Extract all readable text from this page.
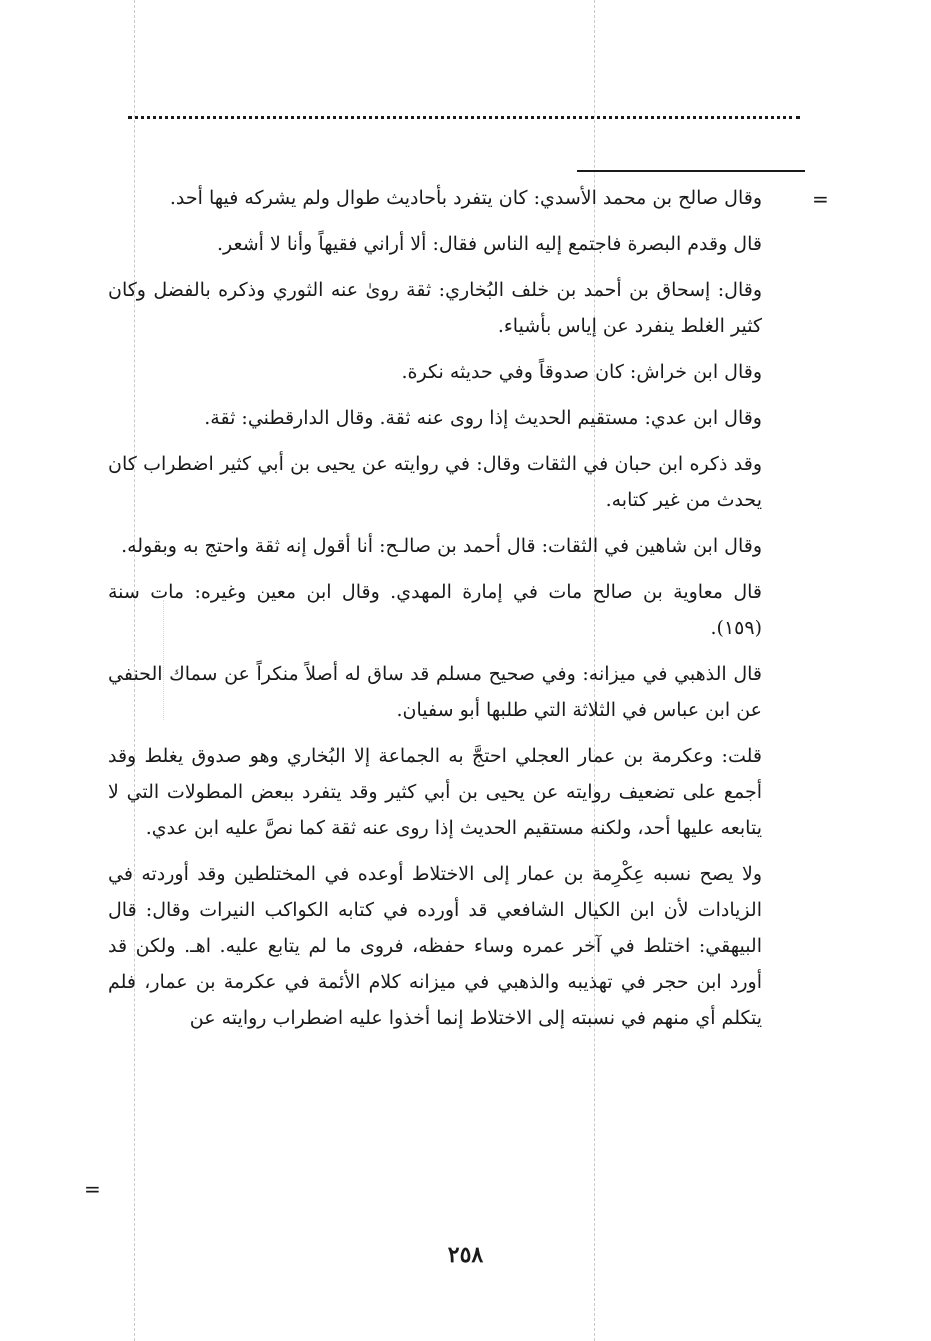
=

وقال صالح بن محمد الأسدي: كان يتفرد بأحاديث طوال ولم يشركه فيها أحد.

قال وقدم البصرة فاجتمع إليه الناس فقال: ألا أراني فقيهاً وأنا لا أشعر.

وقال: إسحاق بن أحمد بن خلف البُخاري: ثقة روىٰ عنه الثوري وذكره بالفضل وكان كثير الغلط ينفرد عن إياس بأشياء.

وقال ابن خراش: كان صدوقاً وفي حديثه نكرة.

وقال ابن عدي: مستقيم الحديث إذا روى عنه ثقة. وقال الدارقطني: ثقة.

وقد ذكره ابن حبان في الثقات وقال: في روايته عن يحيى بن أبي كثير اضطراب كان يحدث من غير كتابه.

وقال ابن شاهين في الثقات: قال أحمد بن صالـح: أنا أقول إنه ثقة واحتج به وبقوله.

قال معاوية بن صالح مات في إمارة المهدي. وقال ابن معين وغيره: مات سنة (١٥٩).

قال الذهبي في ميزانه: وفي صحيح مسلم قد ساق له أصلاً منكراً عن سماك الحنفي عن ابن عباس في الثلاثة التي طلبها أبو سفيان.

قلت: وعكرمة بن عمار العجلي احتجَّ به الجماعة إلا البُخاري وهو صدوق يغلط وقد أجمع على تضعيف روايته عن يحيى بن أبي كثير وقد يتفرد ببعض المطولات التي لا يتابعه عليها أحد، ولكنه مستقيم الحديث إذا روى عنه ثقة كما نصَّ عليه ابن عدي.

ولا يصح نسبه عِكْرِمة بن عمار إلى الاختلاط أوعده في المختلطين وقد أوردته في الزيادات لأن ابن الكيال الشافعي قد أورده في كتابه الكواكب النيرات وقال: قال البيهقي: اختلط في آخر عمره وساء حفظه، فروى ما لم يتابع عليه. اهـ. ولكن قد أورد ابن حجر في تهذيبه والذهبي في ميزانه كلام الأئمة في عكرمة بن عمار، فلم يتكلم أي منهم في نسبته إلى الاختلاط إنما أخذوا عليه اضطراب روايته عن

=
٢٥٨
